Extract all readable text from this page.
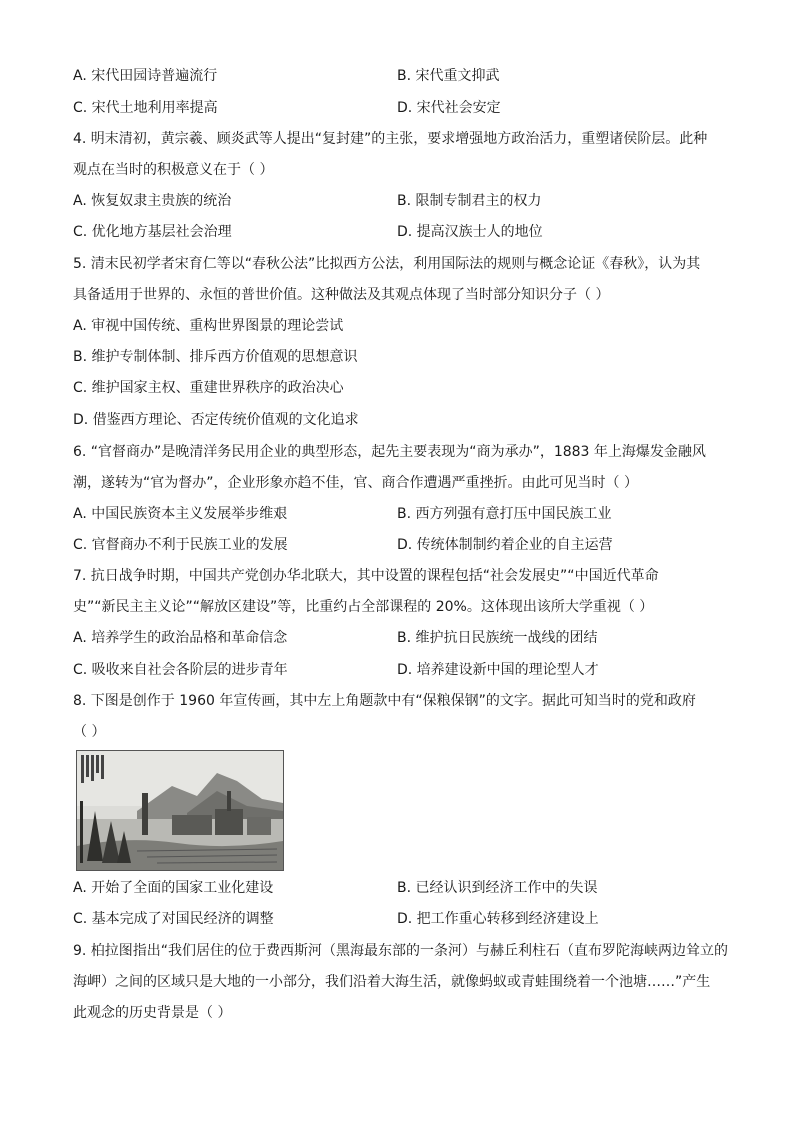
A. 宋代田园诗普遍流行	B. 宋代重文抑武
C. 宋代土地利用率提高	D. 宋代社会安定
4. 明末清初，黄宗羲、顾炎武等人提出“复封建”的主张，要求增强地方政治活力，重塑诸侯阶层。此种
观点在当时的积极意义在于（ ）
A. 恢复奴隶主贵族的统治	B. 限制专制君主的权力
C. 优化地方基层社会治理	D. 提高汉族士人的地位
5. 清末民初学者宋育仁等以“春秋公法”比拟西方公法，利用国际法的规则与概念论证《春秋》，认为其
具备适用于世界的、永恒的普世价值。这种做法及其观点体现了当时部分知识分子（ ）
A. 审视中国传统、重构世界图景的理论尝试
B. 维护专制体制、排斥西方价值观的思想意识
C. 维护国家主权、重建世界秩序的政治决心
D. 借鉴西方理论、否定传统价值观的文化追求
6. “官督商办”是晚清洋务民用企业的典型形态，起先主要表现为“商为承办”，1883 年上海爆发金融风
潮，遂转为“官为督办”，企业形象亦趋不佳，官、商合作遭遇严重挫折。由此可见当时（ ）
A. 中国民族资本主义发展举步维艰	B. 西方列强有意打压中国民族工业
C. 官督商办不利于民族工业的发展	D. 传统体制制约着企业的自主运营
7. 抗日战争时期，中国共产党创办华北联大，其中设置的课程包括“社会发展史”“中国近代革命
史”“新民主主义论”“解放区建设”等，比重约占全部课程的 20%。这体现出该所大学重视（ ）
A. 培养学生的政治品格和革命信念	B. 维护抗日民族统一战线的团结
C. 吸收来自社会各阶层的进步青年	D. 培养建设新中国的理论型人才
8. 下图是创作于 1960 年宣传画，其中左上角题款中有“保粮保钢”的文字。据此可知当时的党和政府
（ ）
A. 开始了全面的国家工业化建设	B. 已经认识到经济工作中的失误
C. 基本完成了对国民经济的调整	D. 把工作重心转移到经济建设上
9. 柏拉图指出“我们居住的位于费西斯河（黑海最东部的一条河）与赫丘利柱石（直布罗陀海峡两边耸立的
海岬）之间的区域只是大地的一小部分，我们沿着大海生活，就像蚂蚁或青蛙围绕着一个池塘……”产生
此观念的历史背景是（ ）
